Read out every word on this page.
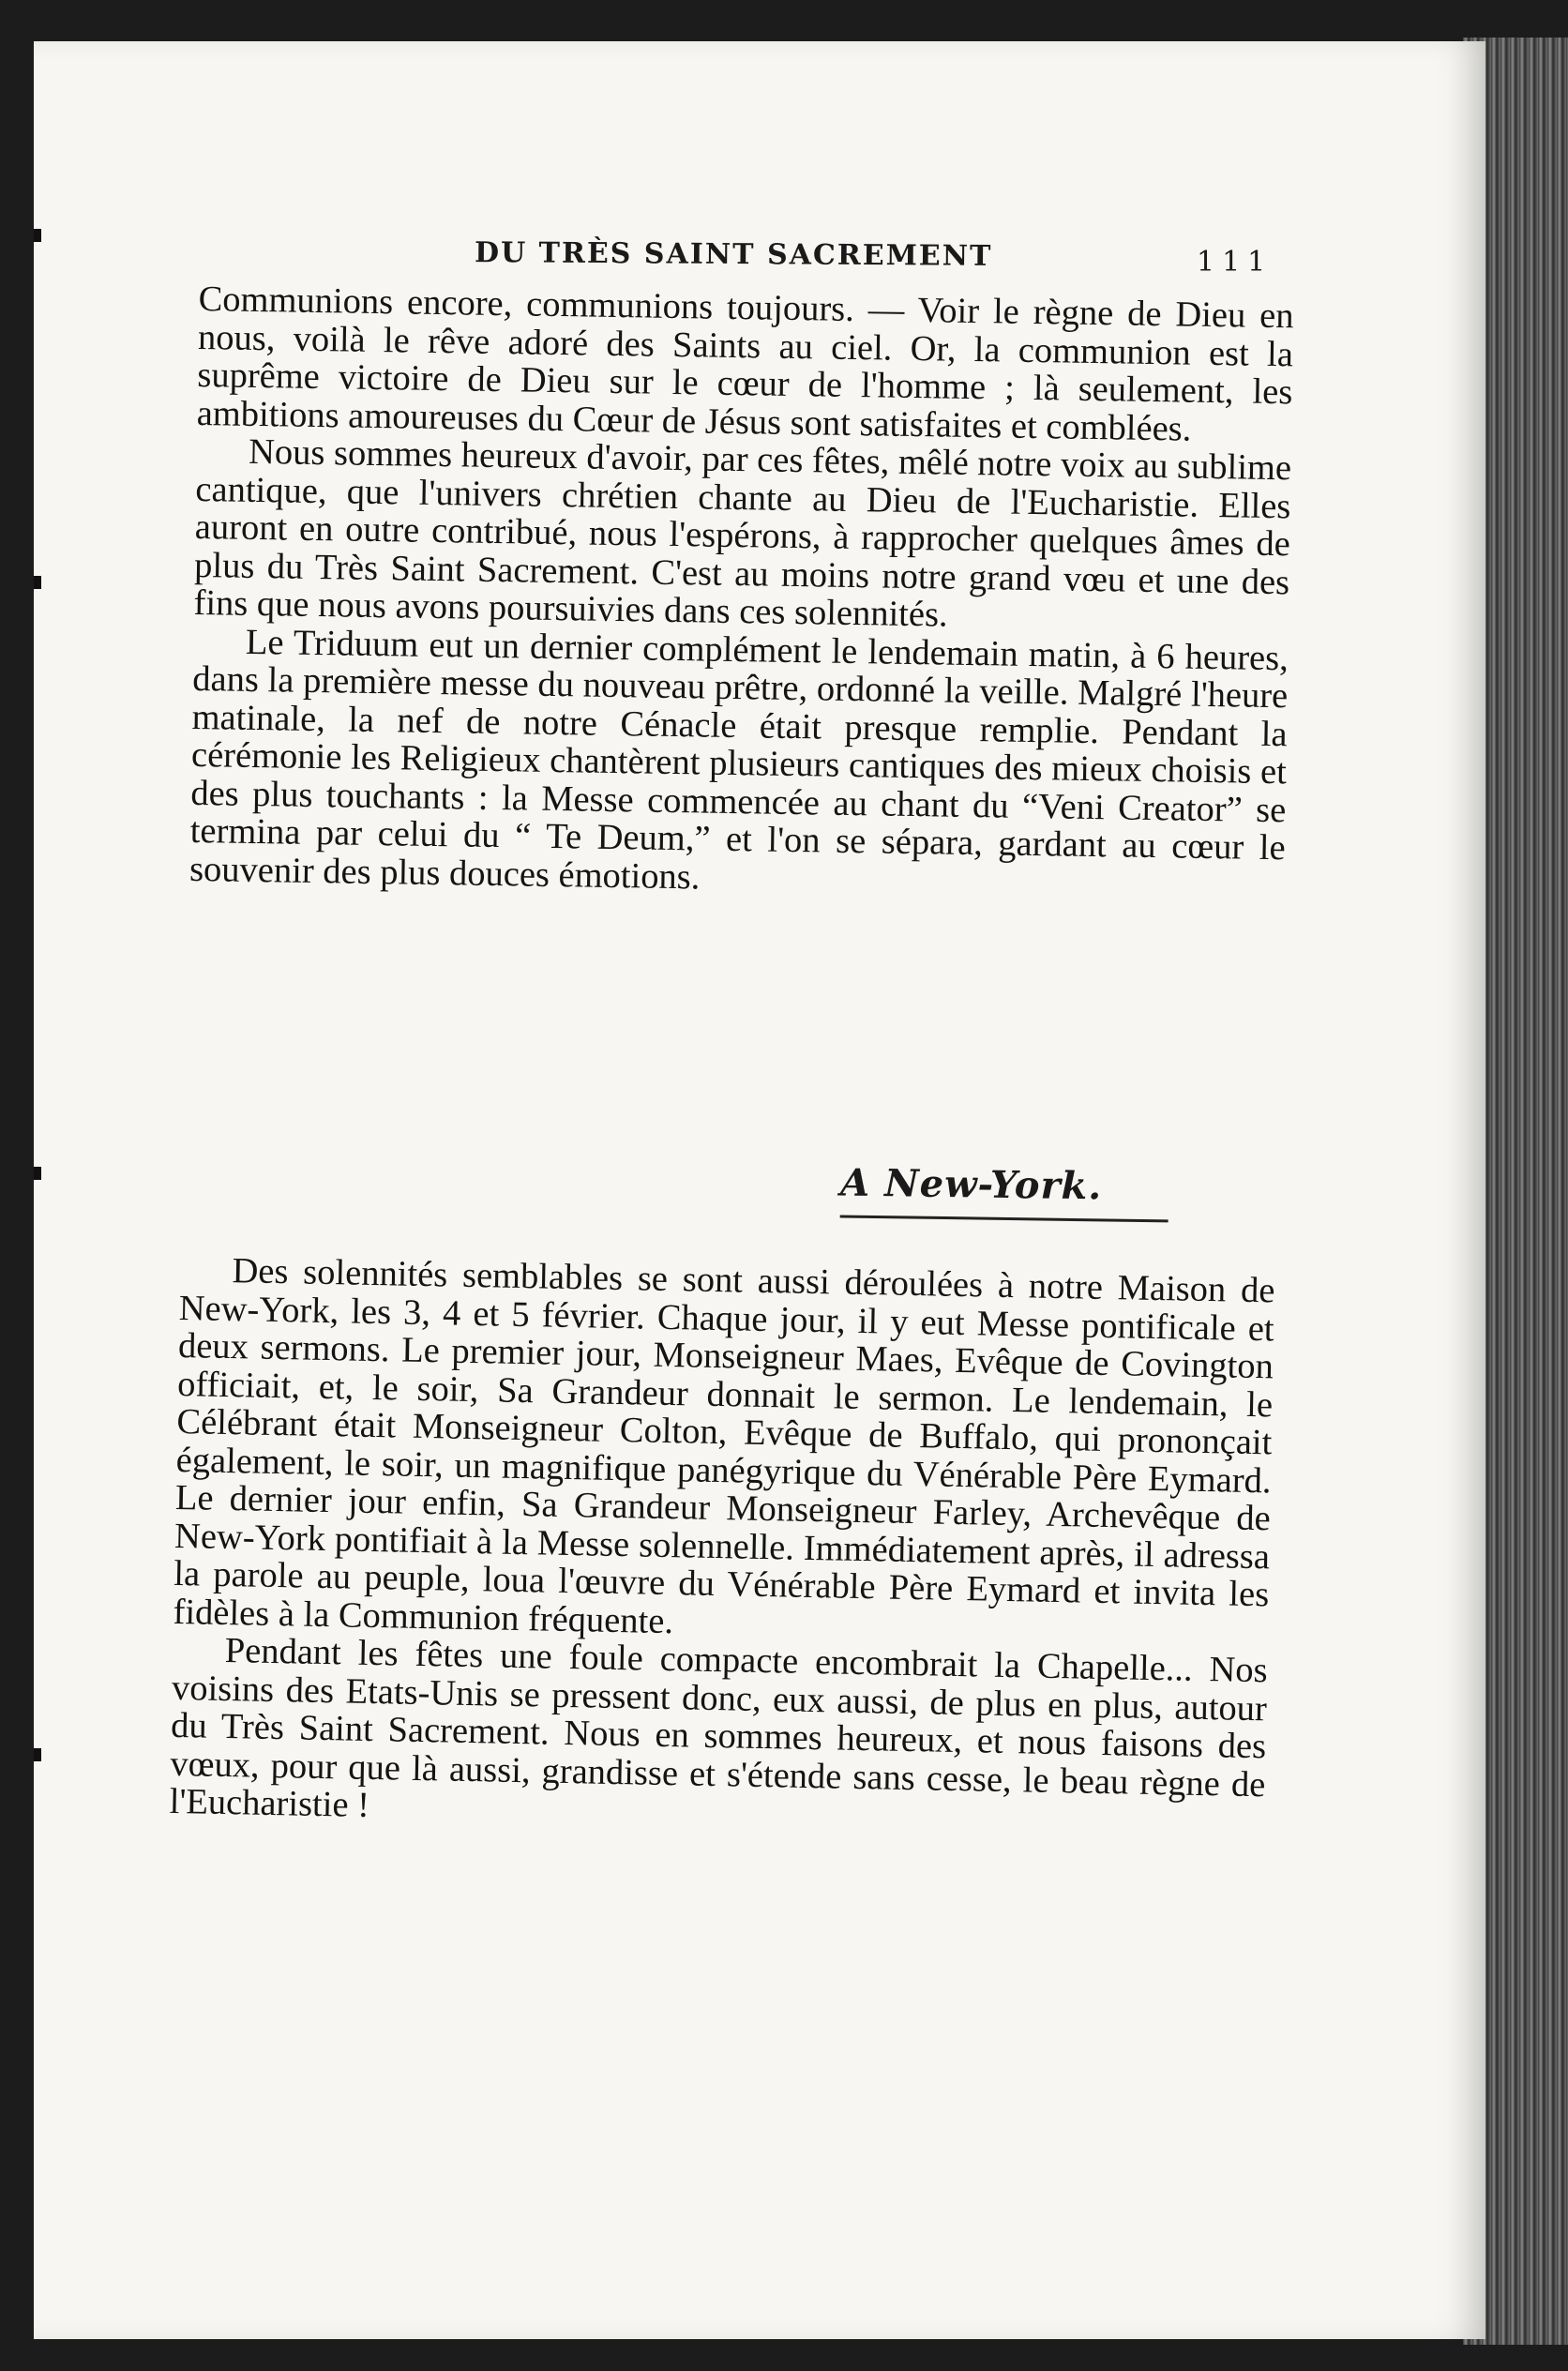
DU TRÈS SAINT SACREMENT	111

Communions encore, communions toujours. — Voir le règne de Dieu en nous, voilà le rêve adoré des Saints au ciel. Or, la communion est la suprême victoire de Dieu sur le cœur de l'homme ; là seulement, les ambitions amoureuses du Cœur de Jésus sont satisfaites et comblées.

Nous sommes heureux d'avoir, par ces fêtes, mêlé notre voix au sublime cantique, que l'univers chrétien chante au Dieu de l'Eucharistie. Elles auront en outre contribué, nous l'espérons, à rapprocher quelques âmes de plus du Très Saint Sacrement. C'est au moins notre grand vœu et une des fins que nous avons poursuivies dans ces solennités.

Le Triduum eut un dernier complément le lendemain matin, à 6 heures, dans la première messe du nouveau prêtre, ordonné la veille. Malgré l'heure matinale, la nef de notre Cénacle était presque remplie. Pendant la cérémonie les Religieux chantèrent plusieurs cantiques des mieux choisis et des plus touchants : la Messe commencée au chant du “Veni Creator” se termina par celui du “ Te Deum,” et l'on se sépara, gardant au cœur le souvenir des plus douces émotions.

A New-York.

Des solennités semblables se sont aussi déroulées à notre Maison de New-York, les 3, 4 et 5 février. Chaque jour, il y eut Messe pontificale et deux sermons. Le premier jour, Monseigneur Maes, Evêque de Covington officiait, et, le soir, Sa Grandeur donnait le sermon. Le lendemain, le Célébrant était Monseigneur Colton, Evêque de Buffalo, qui prononçait également, le soir, un magnifique panégyrique du Vénérable Père Eymard. Le dernier jour enfin, Sa Grandeur Monseigneur Farley, Archevêque de New-York pontifiait à la Messe solennelle. Immédiatement après, il adressa la parole au peuple, loua l'œuvre du Vénérable Père Eymard et invita les fidèles à la Communion fréquente.

Pendant les fêtes une foule compacte encombrait la Chapelle... Nos voisins des Etats-Unis se pressent donc, eux aussi, de plus en plus, autour du Très Saint Sacrement. Nous en sommes heureux, et nous faisons des vœux, pour que là aussi, grandisse et s'étende sans cesse, le beau règne de l'Eucharistie !
